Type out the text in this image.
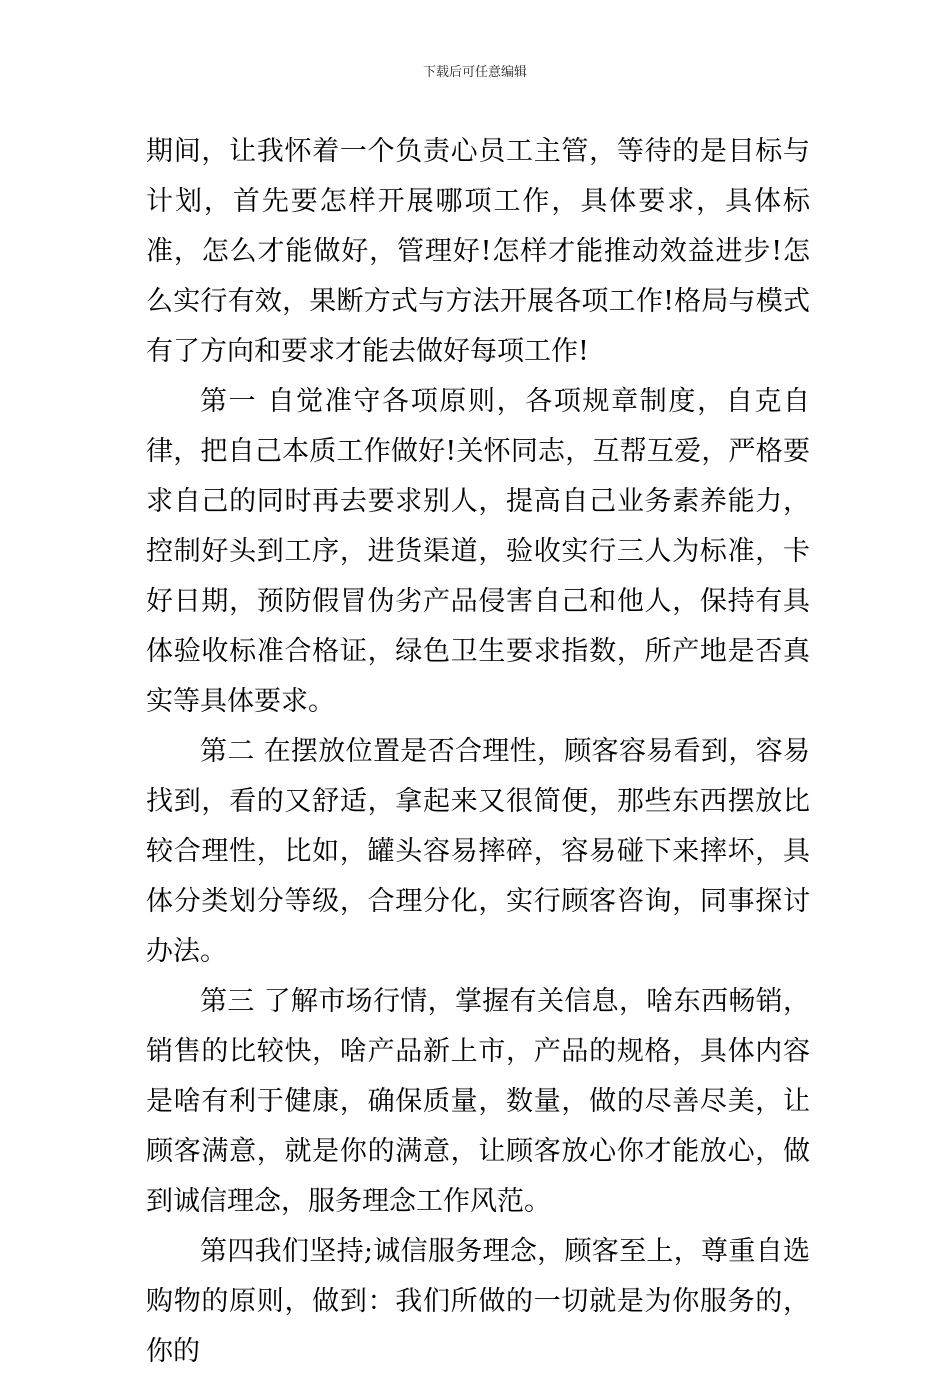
下载后可任意编辑

期间，让我怀着一个负责心员工主管，等待的是目标与计划，首先要怎样开展哪项工作，具体要求，具体标准，怎么才能做好，管理好!怎样才能推动效益进步!怎么实行有效，果断方式与方法开展各项工作!格局与模式有了方向和要求才能去做好每项工作!

第一 自觉准守各项原则，各项规章制度，自克自律，把自己本质工作做好!关怀同志，互帮互爱，严格要求自己的同时再去要求别人，提高自己业务素养能力，控制好头到工序，进货渠道，验收实行三人为标准，卡好日期，预防假冒伪劣产品侵害自己和他人，保持有具体验收标准合格证，绿色卫生要求指数，所产地是否真实等具体要求。

第二 在摆放位置是否合理性，顾客容易看到，容易找到，看的又舒适，拿起来又很简便，那些东西摆放比较合理性，比如，罐头容易摔碎，容易碰下来摔坏，具体分类划分等级，合理分化，实行顾客咨询，同事探讨办法。

第三 了解市场行情，掌握有关信息，啥东西畅销，销售的比较快，啥产品新上市，产品的规格，具体内容是啥有利于健康，确保质量，数量，做的尽善尽美，让顾客满意，就是你的满意，让顾客放心你才能放心，做到诚信理念，服务理念工作风范。

第四我们坚持;诚信服务理念，顾客至上，尊重自选购物的原则，做到：我们所做的一切就是为你服务的，你的
